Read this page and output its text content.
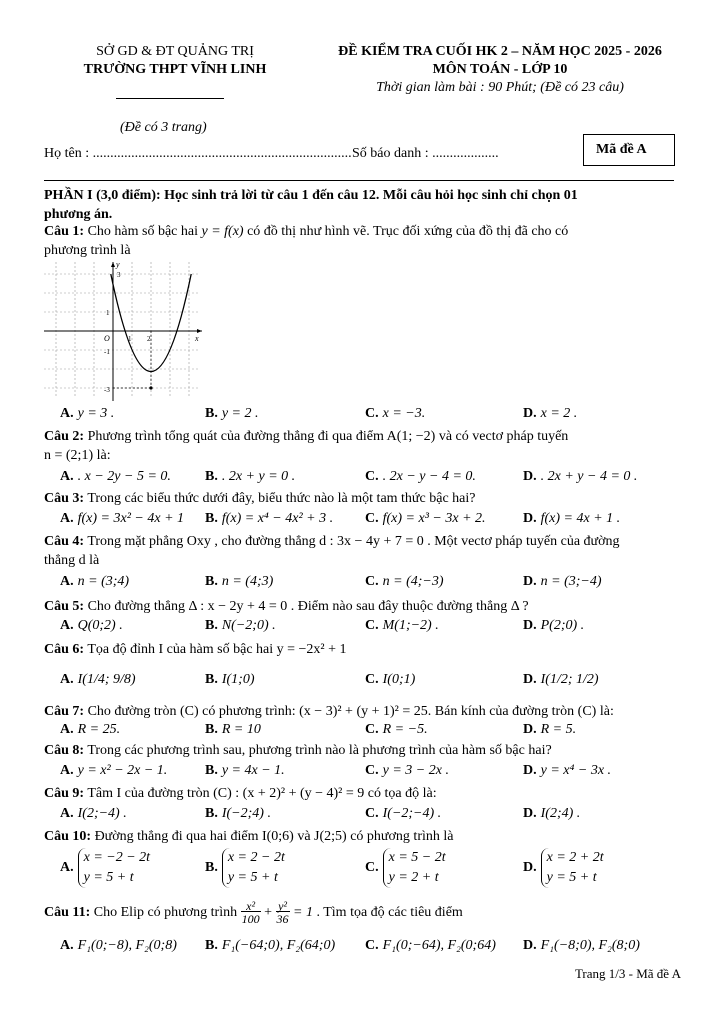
SỞ GD & ĐT QUẢNG TRỊ
TRƯỜNG THPT VĨNH LINH
ĐỀ KIỂM TRA CUỐI HK 2 – NĂM HỌC 2025 - 2026
MÔN TOÁN - LỚP 10
Thời gian làm bài : 90 Phút; (Đề có 23 câu)
(Đề có 3 trang)
Họ tên : .......................................................................... Số báo danh : ...................	Mã đề A
PHẦN I (3,0 điểm): Học sinh trả lời từ câu 1 đến câu 12. Mỗi câu hỏi học sinh chỉ chọn 01
phương án.
Câu 1: Cho hàm số bậc hai y = f(x) có đồ thị như hình vẽ. Trục đối xứng của đồ thị đã cho có
phương trình là
y
x
O
3
1
-1
-3
1 2
A. y = 3 .	B. y = 2 .	C. x = −3.	D. x = 2 .
Câu 2: Phương trình tổng quát của đường thẳng đi qua điểm A(1; −2) và có vectơ pháp tuyến
n = (2;1) là:
A. . x − 2y − 5 = 0. B. . 2x + y = 0 .	C. . 2x − y − 4 = 0.	D. . 2x + y − 4 = 0 .
Câu 3: Trong các biểu thức dưới đây, biểu thức nào là một tam thức bậc hai?
A. f(x) = 3x² − 4x + 1 B. f(x) = x⁴ − 4x² + 3 . C. f(x) = x³ − 3x + 2.	D. f(x) = 4x + 1 .
Câu 4: Trong mặt phẳng Oxy , cho đường thẳng d : 3x − 4y + 7 = 0 . Một vectơ pháp tuyến của đường
thẳng d là
A. n = (3;4)	B. n = (4;3)	C. n = (4;−3)	D. n = (3;−4)
Câu 5: Cho đường thẳng Δ : x − 2y + 4 = 0 . Điểm nào sau đây thuộc đường thẳng Δ ?
A. Q(0;2) .	B. N(−2;0) .	C. M(1;−2) .	D. P(2;0) .
Câu 6: Tọa độ đỉnh I của hàm số bậc hai y = −2x² + 1
A. I(1/4; 9/8)	B. I(1;0)	C. I(0;1)	D. I(1/2; 1/2)
Câu 7: Cho đường tròn (C) có phương trình: (x − 3)² + (y + 1)² = 25. Bán kính của đường tròn (C) là:
A. R = 25.	B. R = 10	C. R = −5.	D. R = 5.
Câu 8: Trong các phương trình sau, phương trình nào là phương trình của hàm số bậc hai?
A. y = x² − 2x − 1.	B. y = 4x − 1.	C. y = 3 − 2x .	D. y = x⁴ − 3x .
Câu 9: Tâm I của đường tròn (C) : (x + 2)² + (y − 4)² = 9 có tọa độ là:
A. I(2;−4) .	B. I(−2;4) .	C. I(−2;−4) .	D. I(2;4) .
Câu 10: Đường thẳng đi qua hai điểm I(0;6) và J(2;5) có phương trình là
A.x = −2 − 2t
y = 5 + t
B.x = 2 − 2t
y = 5 + t
C.x = 5 − 2t
y = 2 + t
D.x = 2 + 2t
y = 5 + t
Câu 11: Cho Elip có phương trình $\frac{\text{x²}}{100} + \frac{\text{y²}}{36} = 1$ . Tìm tọa độ các tiêu điểm
A. F₁(0;−8), F₂(0;8) B. F₁(−64;0), F₂(64;0) C. F₁(0;−64), F₂(0;64) D. F₁(−8;0), F₂(8;0)
Trang 1/3 - Mã đề A
